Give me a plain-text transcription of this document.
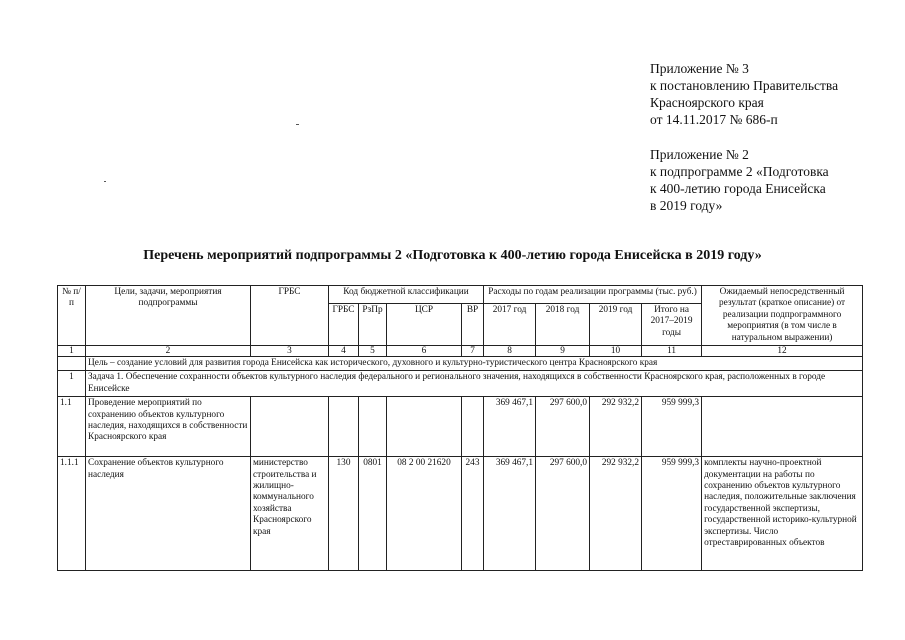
Приложение № 3
к постановлению Правительства
Красноярского края
от 14.11.2017 № 686-п
Приложение № 2
к подпрограмме 2 «Подготовка
к 400-летию города Енисейска
в 2019 году»
Перечень мероприятий подпрограммы 2 «Подготовка к 400-летию города Енисейска в 2019 году»
№ п/п	Цели, задачи, мероприятия подпрограммы	ГРБС	Код бюджетной классификации				Расходы по годам реализации программы (тыс. руб.)				Ожидаемый непосредственный результат (краткое описание) от реализации подпрограммного мероприятия (в том числе в натуральном выражении)
			ГРБС	РзПр	ЦСР	ВР	2017 год	2018 год	2019 год	Итого на 2017–2019 годы	
1	2	3	4	5	6	7	8	9	10	11	12
	Цель – создание условий для развития города Енисейска как исторического, духовного и культурно-туристического центра Красноярского края										
1	Задача 1. Обеспечение сохранности объектов культурного наследия федерального и регионального значения, находящихся в собственности Красноярского края, расположенных в городе Енисейске										
1.1	Проведение мероприятий по сохранению объектов культурного наследия, находящихся в собственности Красноярского края						369 467,1	297 600,0	292 932,2	959 999,3	
1.1.1	Сохранение объектов культурного наследия	министерство строительства и жилищно-коммунального хозяйства Красноярского края	130	0801	08 2 00 21620	243	369 467,1	297 600,0	292 932,2	959 999,3	комплекты научно-проектной документации на работы по сохранению объектов культурного наследия, положительные заключения государственной экспертизы, государственной историко-культурной экспертизы. Число отреставрированных объектов
